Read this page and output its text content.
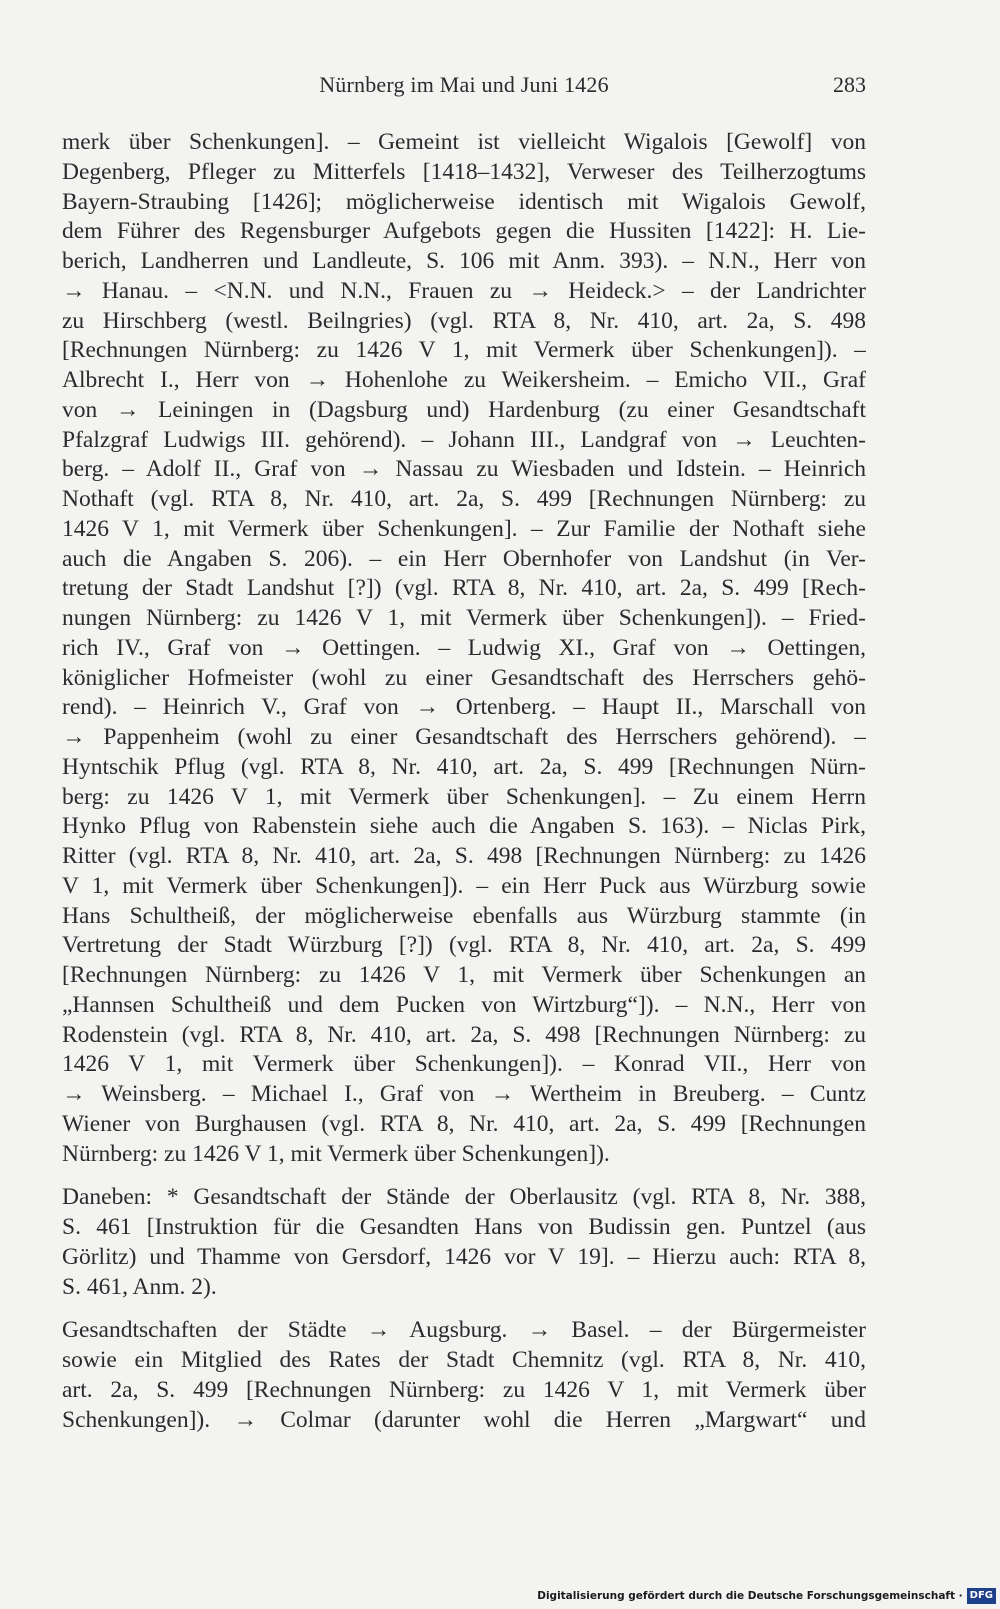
Nürnberg im Mai und Juni 1426	283
merk über Schenkungen]. – Gemeint ist vielleicht Wigalois [Gewolf] von
Degenberg, Pfleger zu Mitterfels [1418–1432], Verweser des Teilherzogtums
Bayern-Straubing [1426]; möglicherweise identisch mit Wigalois Gewolf,
dem Führer des Regensburger Aufgebots gegen die Hussiten [1422]: H. Lie-
berich, Landherren und Landleute, S. 106 mit Anm. 393). – N.N., Herr von
→ Hanau. – <N.N. und N.N., Frauen zu → Heideck.> – der Landrichter
zu Hirschberg (westl. Beilngries) (vgl. RTA 8, Nr. 410, art. 2a, S. 498
[Rechnungen Nürnberg: zu 1426 V 1, mit Vermerk über Schenkungen]). –
Albrecht I., Herr von → Hohenlohe zu Weikersheim. – Emicho VII., Graf
von → Leiningen in (Dagsburg und) Hardenburg (zu einer Gesandtschaft
Pfalzgraf Ludwigs III. gehörend). – Johann III., Landgraf von → Leuchten-
berg. – Adolf II., Graf von → Nassau zu Wiesbaden und Idstein. – Heinrich
Nothaft (vgl. RTA 8, Nr. 410, art. 2a, S. 499 [Rechnungen Nürnberg: zu
1426 V 1, mit Vermerk über Schenkungen]. – Zur Familie der Nothaft siehe
auch die Angaben S. 206). – ein Herr Obernhofer von Landshut (in Ver-
tretung der Stadt Landshut [?]) (vgl. RTA 8, Nr. 410, art. 2a, S. 499 [Rech-
nungen Nürnberg: zu 1426 V 1, mit Vermerk über Schenkungen]). – Fried-
rich IV., Graf von → Oettingen. – Ludwig XI., Graf von → Oettingen,
königlicher Hofmeister (wohl zu einer Gesandtschaft des Herrschers gehö-
rend). – Heinrich V., Graf von → Ortenberg. – Haupt II., Marschall von
→ Pappenheim (wohl zu einer Gesandtschaft des Herrschers gehörend). –
Hyntschik Pflug (vgl. RTA 8, Nr. 410, art. 2a, S. 499 [Rechnungen Nürn-
berg: zu 1426 V 1, mit Vermerk über Schenkungen]. – Zu einem Herrn
Hynko Pflug von Rabenstein siehe auch die Angaben S. 163). – Niclas Pirk,
Ritter (vgl. RTA 8, Nr. 410, art. 2a, S. 498 [Rechnungen Nürnberg: zu 1426
V 1, mit Vermerk über Schenkungen]). – ein Herr Puck aus Würzburg sowie
Hans Schultheiß, der möglicherweise ebenfalls aus Würzburg stammte (in
Vertretung der Stadt Würzburg [?]) (vgl. RTA 8, Nr. 410, art. 2a, S. 499
[Rechnungen Nürnberg: zu 1426 V 1, mit Vermerk über Schenkungen an
„Hannsen Schultheiß und dem Pucken von Wirtzburg“]). – N.N., Herr von
Rodenstein (vgl. RTA 8, Nr. 410, art. 2a, S. 498 [Rechnungen Nürnberg: zu
1426 V 1, mit Vermerk über Schenkungen]). – Konrad VII., Herr von
→ Weinsberg. – Michael I., Graf von → Wertheim in Breuberg. – Cuntz
Wiener von Burghausen (vgl. RTA 8, Nr. 410, art. 2a, S. 499 [Rechnungen
Nürnberg: zu 1426 V 1, mit Vermerk über Schenkungen]).
Daneben: * Gesandtschaft der Stände der Oberlausitz (vgl. RTA 8, Nr. 388,
S. 461 [Instruktion für die Gesandten Hans von Budissin gen. Puntzel (aus
Görlitz) und Thamme von Gersdorf, 1426 vor V 19]. – Hierzu auch: RTA 8,
S. 461, Anm. 2).
Gesandtschaften der Städte → Augsburg. → Basel. – der Bürgermeister
sowie ein Mitglied des Rates der Stadt Chemnitz (vgl. RTA 8, Nr. 410,
art. 2a, S. 499 [Rechnungen Nürnberg: zu 1426 V 1, mit Vermerk über
Schenkungen]). → Colmar (darunter wohl die Herren „Margwart“ und
Digitalisierung gefördert durch die Deutsche Forschungsgemeinschaft · DFG
